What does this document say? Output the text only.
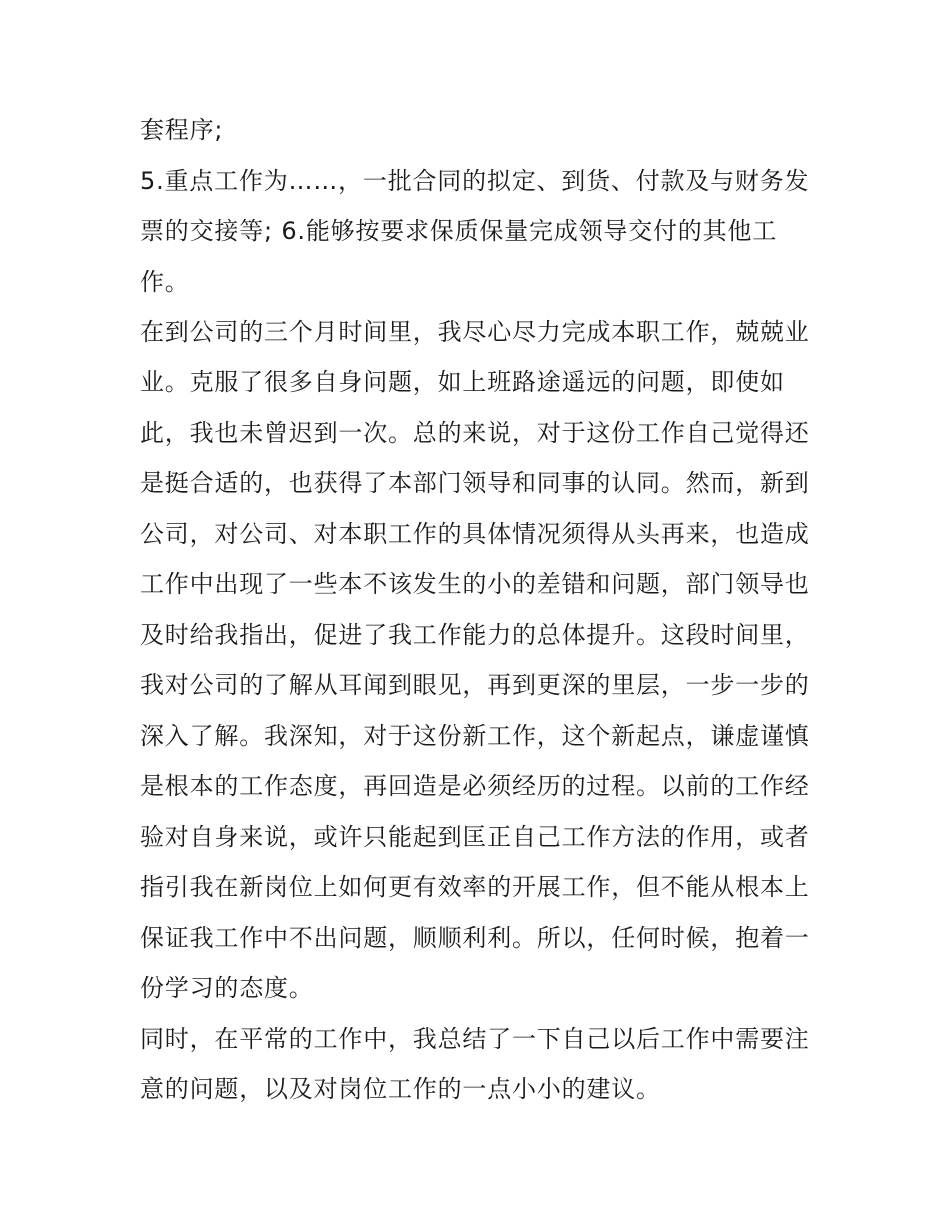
套程序;

5.重点工作为……，一批合同的拟定、到货、付款及与财务发

票的交接等; 6.能够按要求保质保量完成领导交付的其他工

作。

在到公司的三个月时间里，我尽心尽力完成本职工作，兢兢业

业。克服了很多自身问题，如上班路途遥远的问题，即使如

此，我也未曾迟到一次。总的来说，对于这份工作自己觉得还

是挺合适的，也获得了本部门领导和同事的认同。然而，新到

公司，对公司、对本职工作的具体情况须得从头再来，也造成

工作中出现了一些本不该发生的小的差错和问题，部门领导也

及时给我指出，促进了我工作能力的总体提升。这段时间里，

我对公司的了解从耳闻到眼见，再到更深的里层，一步一步的

深入了解。我深知，对于这份新工作，这个新起点，谦虚谨慎

是根本的工作态度，再回造是必须经历的过程。以前的工作经

验对自身来说，或许只能起到匡正自己工作方法的作用，或者

指引我在新岗位上如何更有效率的开展工作，但不能从根本上

保证我工作中不出问题，顺顺利利。所以，任何时候，抱着一

份学习的态度。

同时，在平常的工作中，我总结了一下自己以后工作中需要注

意的问题，以及对岗位工作的一点小小的建议。
